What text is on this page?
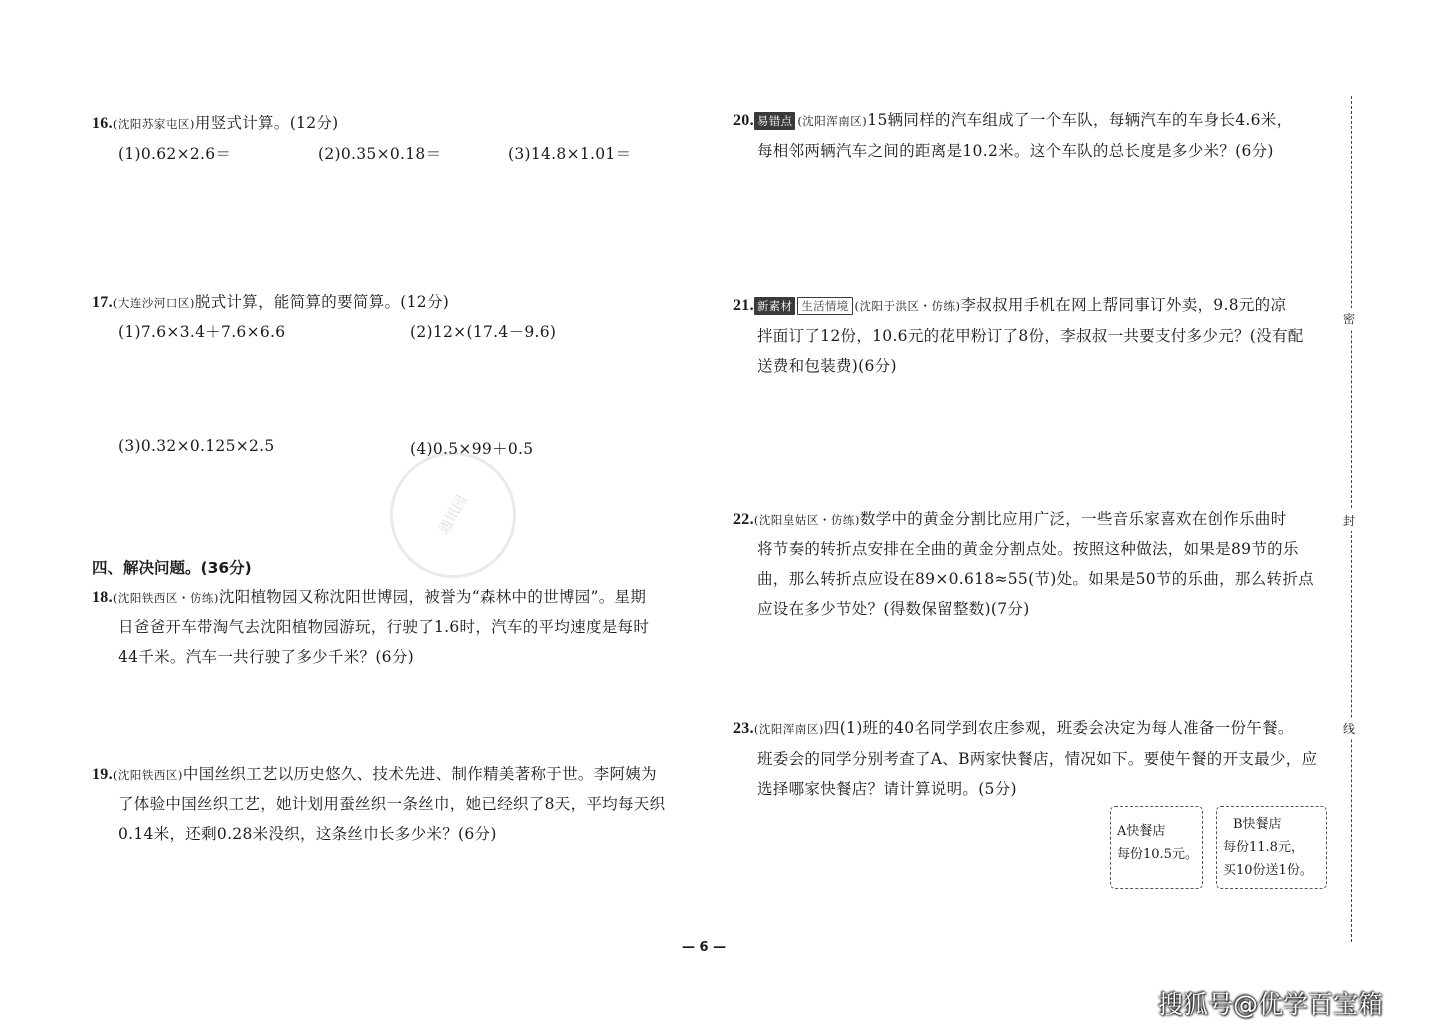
16.(沈阳苏家屯区)用竖式计算。(12分)
(1)0.62×2.6＝	(2)0.35×0.18＝	(3)14.8×1.01＝
17.(大连沙河口区)脱式计算，能简算的要简算。(12分)
(1)7.6×3.4＋7.6×6.6	(2)12×(17.4－9.6)
(3)0.32×0.125×2.5	(4)0.5×99＋0.5
通讯园
四、解决问题。(36分)
18.(沈阳铁西区・仿练)沈阳植物园又称沈阳世博园，被誉为“森林中的世博园”。星期
日爸爸开车带淘气去沈阳植物园游玩，行驶了1.6时，汽车的平均速度是每时
44千米。汽车一共行驶了多少千米？(6分)
19.(沈阳铁西区)中国丝织工艺以历史悠久、技术先进、制作精美著称于世。李阿姨为
了体验中国丝织工艺，她计划用蚕丝织一条丝巾，她已经织了8天，平均每天织
0.14米，还剩0.28米没织，这条丝巾长多少米？(6分)
20. 易错点 (沈阳浑南区)15辆同样的汽车组成了一个车队，每辆汽车的车身长4.6米，
每相邻两辆汽车之间的距离是10.2米。这个车队的总长度是多少米？(6分)
21. 新素材 生活情境 (沈阳于洪区・仿练)李叔叔用手机在网上帮同事订外卖，9.8元的凉
拌面订了12份，10.6元的花甲粉订了8份，李叔叔一共要支付多少元？(没有配
送费和包装费)(6分)
22.(沈阳皇姑区・仿练)数学中的黄金分割比应用广泛，一些音乐家喜欢在创作乐曲时
将节奏的转折点安排在全曲的黄金分割点处。按照这种做法，如果是89节的乐
曲，那么转折点应设在89×0.618≈55(节)处。如果是50节的乐曲，那么转折点
应设在多少节处？(得数保留整数)(7分)
23.(沈阳浑南区)四(1)班的40名同学到农庄参观，班委会决定为每人准备一份午餐。
班委会的同学分别考查了A、B两家快餐店，情况如下。要使午餐的开支最少，应
选择哪家快餐店？请计算说明。(5分)
A快餐店
每份10.5元。
B快餐店
每份11.8元，
买10份送1份。
密
封
线
— 6 —
搜狐号@优学百宝箱
